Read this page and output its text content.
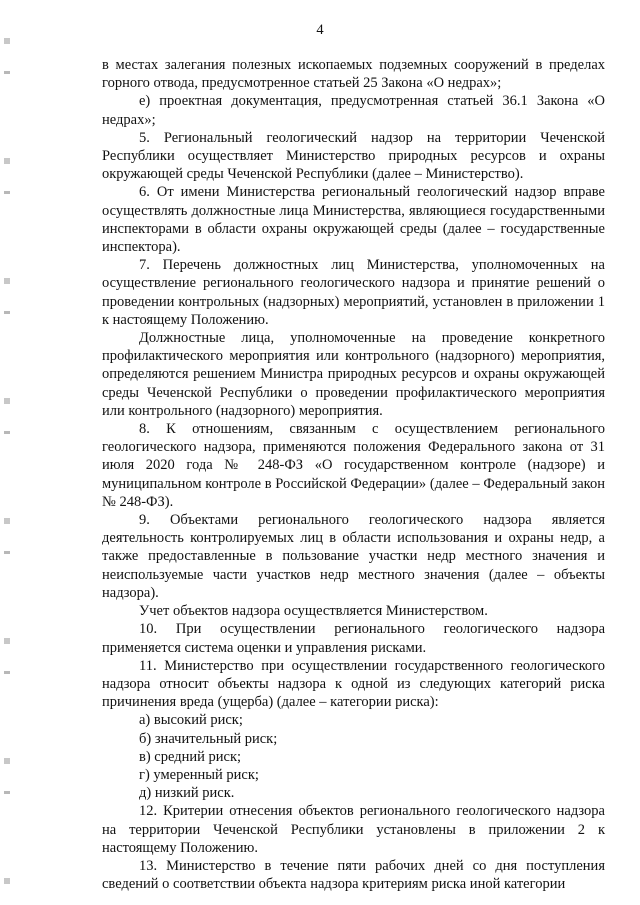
4

в местах залегания полезных ископаемых подземных сооружений в пределах горного отвода, предусмотренное статьей 25 Закона «О недрах»;

е) проектная документация, предусмотренная статьей 36.1 Закона «О недрах»;

5. Региональный геологический надзор на территории Чеченской Республики осуществляет Министерство природных ресурсов и охраны окружающей среды Чеченской Республики (далее – Министерство).

6. От имени Министерства региональный геологический надзор вправе осуществлять должностные лица Министерства, являющиеся государственными инспекторами в области охраны окружающей среды (далее – государственные инспектора).

7. Перечень должностных лиц Министерства, уполномоченных на осуществление регионального геологического надзора и принятие решений о проведении контрольных (надзорных) мероприятий, установлен в приложении 1 к настоящему Положению.

Должностные лица, уполномоченные на проведение конкретного профилактического мероприятия или контрольного (надзорного) мероприятия, определяются решением Министра природных ресурсов и охраны окружающей среды Чеченской Республики о проведении профилактического мероприятия или контрольного (надзорного) мероприятия.

8. К отношениям, связанным с осуществлением регионального геологического надзора, применяются положения Федерального закона от 31 июля 2020 года № 248-ФЗ «О государственном контроле (надзоре) и муниципальном контроле в Российской Федерации» (далее – Федеральный закон № 248-ФЗ).

9. Объектами регионального геологического надзора является деятельность контролируемых лиц в области использования и охраны недр, а также предоставленные в пользование участки недр местного значения и неиспользуемые части участков недр местного значения (далее – объекты надзора).

Учет объектов надзора осуществляется Министерством.

10. При осуществлении регионального геологического надзора применяется система оценки и управления рисками.

11. Министерство при осуществлении государственного геологического надзора относит объекты надзора к одной из следующих категорий риска причинения вреда (ущерба) (далее – категории риска):

а) высокий риск;

б) значительный риск;

в) средний риск;

г) умеренный риск;

д) низкий риск.

12. Критерии отнесения объектов регионального геологического надзора на территории Чеченской Республики установлены в приложении 2 к настоящему Положению.

13. Министерство в течение пяти рабочих дней со дня поступления сведений о соответствии объекта надзора критериям риска иной категории
